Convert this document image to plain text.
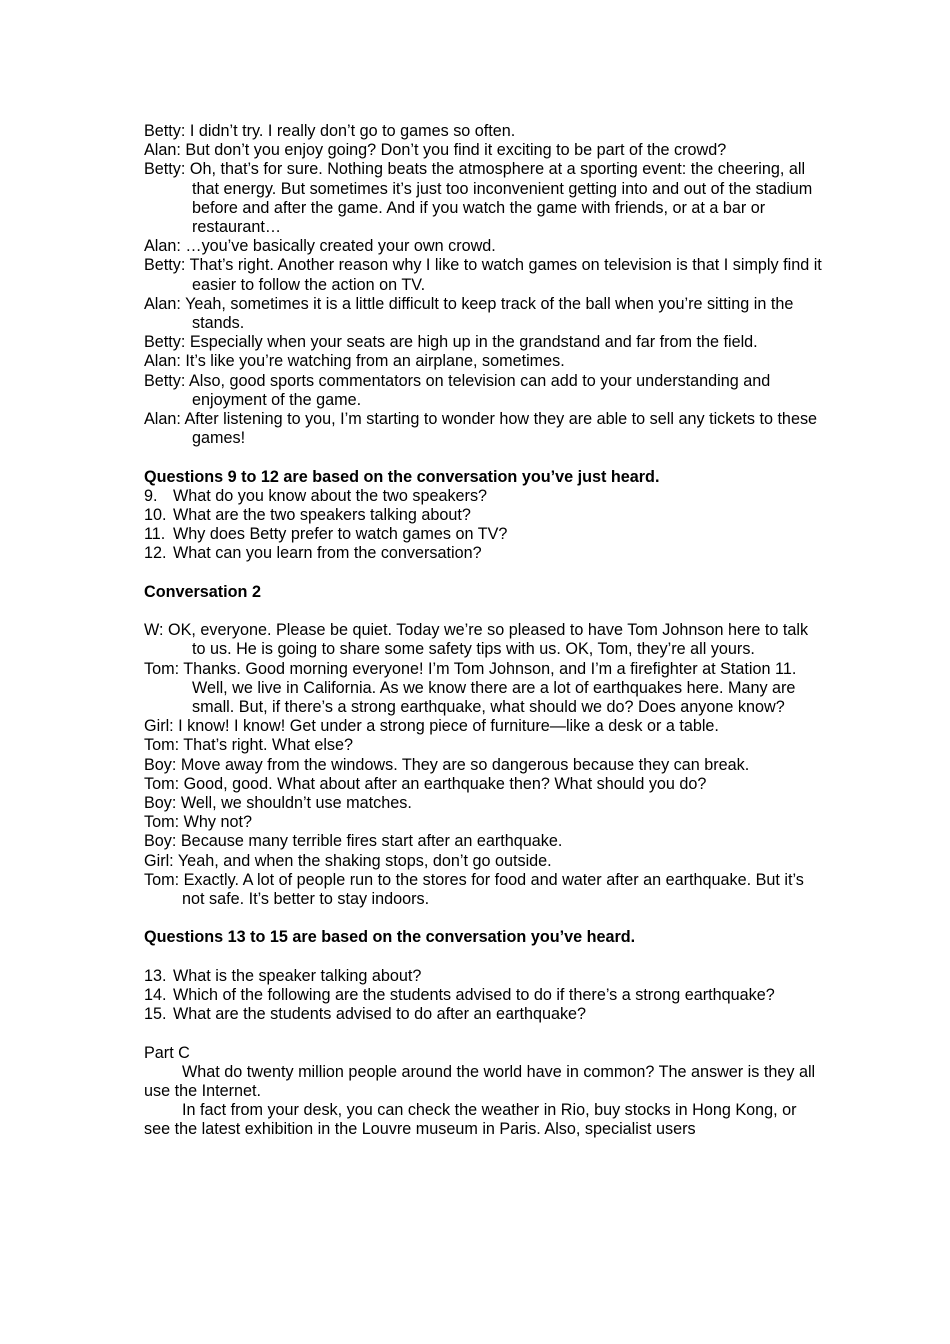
Betty: I didn’t try. I really don’t go to games so often.
Alan: But don’t you enjoy going? Don’t you find it exciting to be part of the crowd?
Betty: Oh, that’s for sure. Nothing beats the atmosphere at a sporting event: the cheering, all that energy. But sometimes it’s just too inconvenient getting into and out of the stadium before and after the game. And if you watch the game with friends, or at a bar or restaurant…
Alan: …you’ve basically created your own crowd.
Betty: That’s right. Another reason why I like to watch games on television is that I simply find it easier to follow the action on TV.
Alan: Yeah, sometimes it is a little difficult to keep track of the ball when you’re sitting in the stands.
Betty: Especially when your seats are high up in the grandstand and far from the field.
Alan: It’s like you’re watching from an airplane, sometimes.
Betty: Also, good sports commentators on television can add to your understanding and enjoyment of the game.
Alan: After listening to you, I’m starting to wonder how they are able to sell any tickets to these games!
Questions 9 to 12 are based on the conversation you’ve just heard.
9. What do you know about the two speakers?
10. What are the two speakers talking about?
11. Why does Betty prefer to watch games on TV?
12. What can you learn from the conversation?
Conversation 2
W: OK, everyone. Please be quiet. Today we’re so pleased to have Tom Johnson here to talk to us. He is going to share some safety tips with us. OK, Tom, they’re all yours.
Tom: Thanks. Good morning everyone! I’m Tom Johnson, and I’m a firefighter at Station 11. Well, we live in California. As we know there are a lot of earthquakes here. Many are small. But, if there’s a strong earthquake, what should we do? Does anyone know?
Girl: I know! I know! Get under a strong piece of furniture—like a desk or a table.
Tom: That’s right. What else?
Boy: Move away from the windows. They are so dangerous because they can break.
Tom: Good, good. What about after an earthquake then? What should you do?
Boy: Well, we shouldn’t use matches.
Tom: Why not?
Boy: Because many terrible fires start after an earthquake.
Girl: Yeah, and when the shaking stops, don’t go outside.
Tom: Exactly. A lot of people run to the stores for food and water after an earthquake. But it’s not safe. It’s better to stay indoors.
Questions 13 to 15 are based on the conversation you’ve heard.
13. What is the speaker talking about?
14. Which of the following are the students advised to do if there’s a strong earthquake?
15. What are the students advised to do after an earthquake?
Part C
What do twenty million people around the world have in common? The answer is they all use the Internet.
In fact from your desk, you can check the weather in Rio, buy stocks in Hong Kong, or see the latest exhibition in the Louvre museum in Paris. Also, specialist users
